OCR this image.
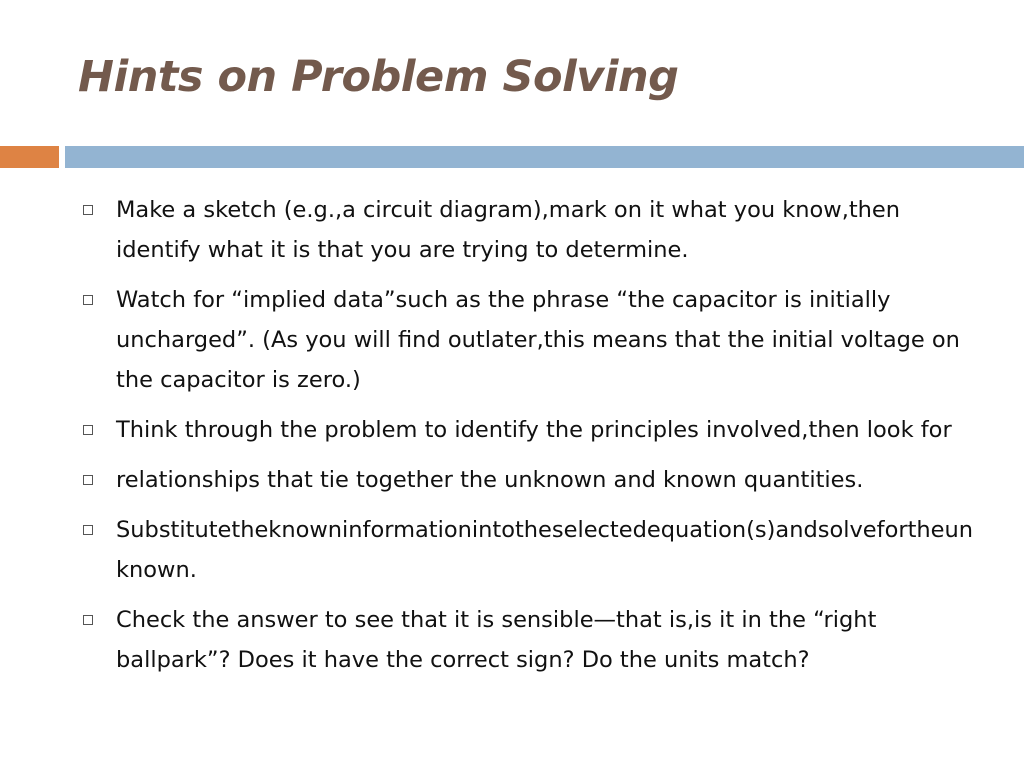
Hints on Problem Solving
Make a sketch (e.g.,a circuit diagram),mark on it what you know,then identify what it is that you are trying to determine.
Watch for “implied data”such as the phrase “the capacitor is initially uncharged”. (As you will find outlater,this means that the initial voltage on the capacitor is zero.)
Think through the problem to identify the principles involved,then look for
relationships that tie together the unknown and known quantities.
Substitutetheknowninformationintotheselectedequation(s)andsolvefortheunknown.
Check the answer to see that it is sensible—that is,is it in the “right ballpark”? Does it have the correct sign? Do the units match?
